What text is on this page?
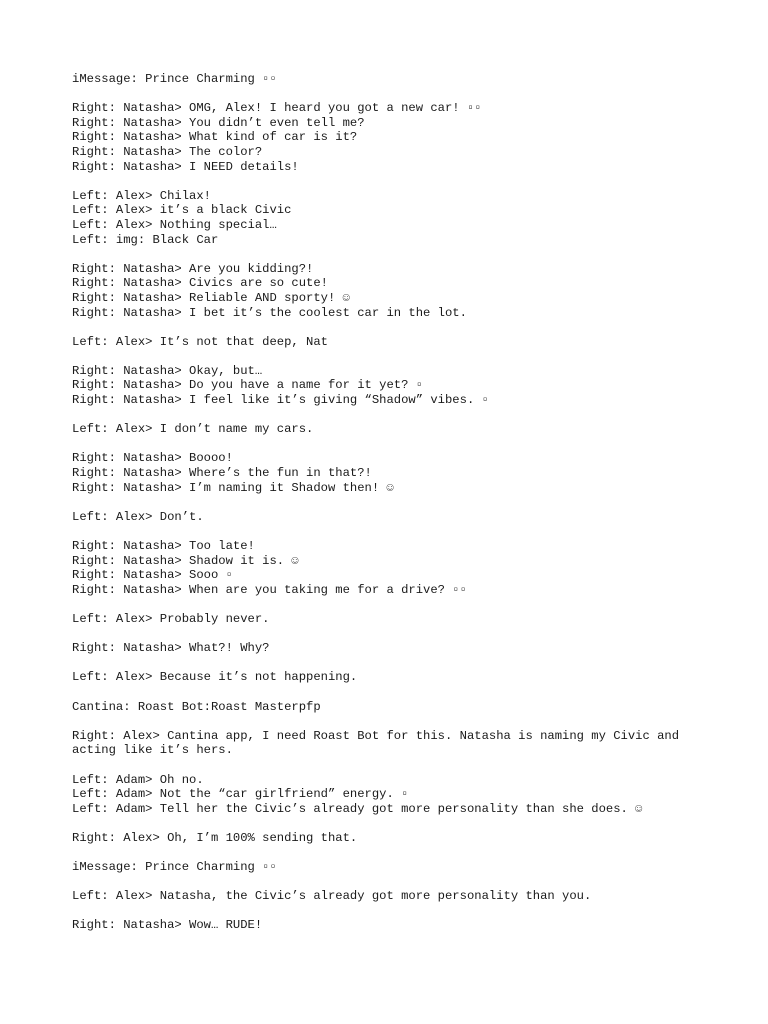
iMessage: Prince Charming ▫▫
Right: Natasha> OMG, Alex! I heard you got a new car! ▫▫
Right: Natasha> You didn’t even tell me?
Right: Natasha> What kind of car is it?
Right: Natasha> The color?
Right: Natasha> I NEED details!
Left: Alex> Chilax!
Left: Alex> it’s a black Civic
Left: Alex> Nothing special…
Left: img: Black Car
Right: Natasha> Are you kidding?!
Right: Natasha> Civics are so cute!
Right: Natasha> Reliable AND sporty! ☺
Right: Natasha> I bet it’s the coolest car in the lot.
Left: Alex> It’s not that deep, Nat
Right: Natasha> Okay, but…
Right: Natasha> Do you have a name for it yet? ▫
Right: Natasha> I feel like it’s giving “Shadow” vibes. ▫
Left: Alex> I don’t name my cars.
Right: Natasha> Boooo!
Right: Natasha> Where’s the fun in that?!
Right: Natasha> I’m naming it Shadow then! ☺
Left: Alex> Don’t.
Right: Natasha> Too late!
Right: Natasha> Shadow it is. ☺
Right: Natasha> Sooo ▫
Right: Natasha> When are you taking me for a drive? ▫▫
Left: Alex> Probably never.
Right: Natasha> What?! Why?
Left: Alex> Because it’s not happening.
Cantina: Roast Bot:Roast Masterpfp
Right: Alex> Cantina app, I need Roast Bot for this. Natasha is naming my Civic and acting like it’s hers.
Left: Adam> Oh no.
Left: Adam> Not the “car girlfriend” energy. ▫
Left: Adam> Tell her the Civic’s already got more personality than she does. ☺
Right: Alex> Oh, I’m 100% sending that.
iMessage: Prince Charming ▫▫
Left: Alex> Natasha, the Civic’s already got more personality than you.
Right: Natasha> Wow… RUDE!
